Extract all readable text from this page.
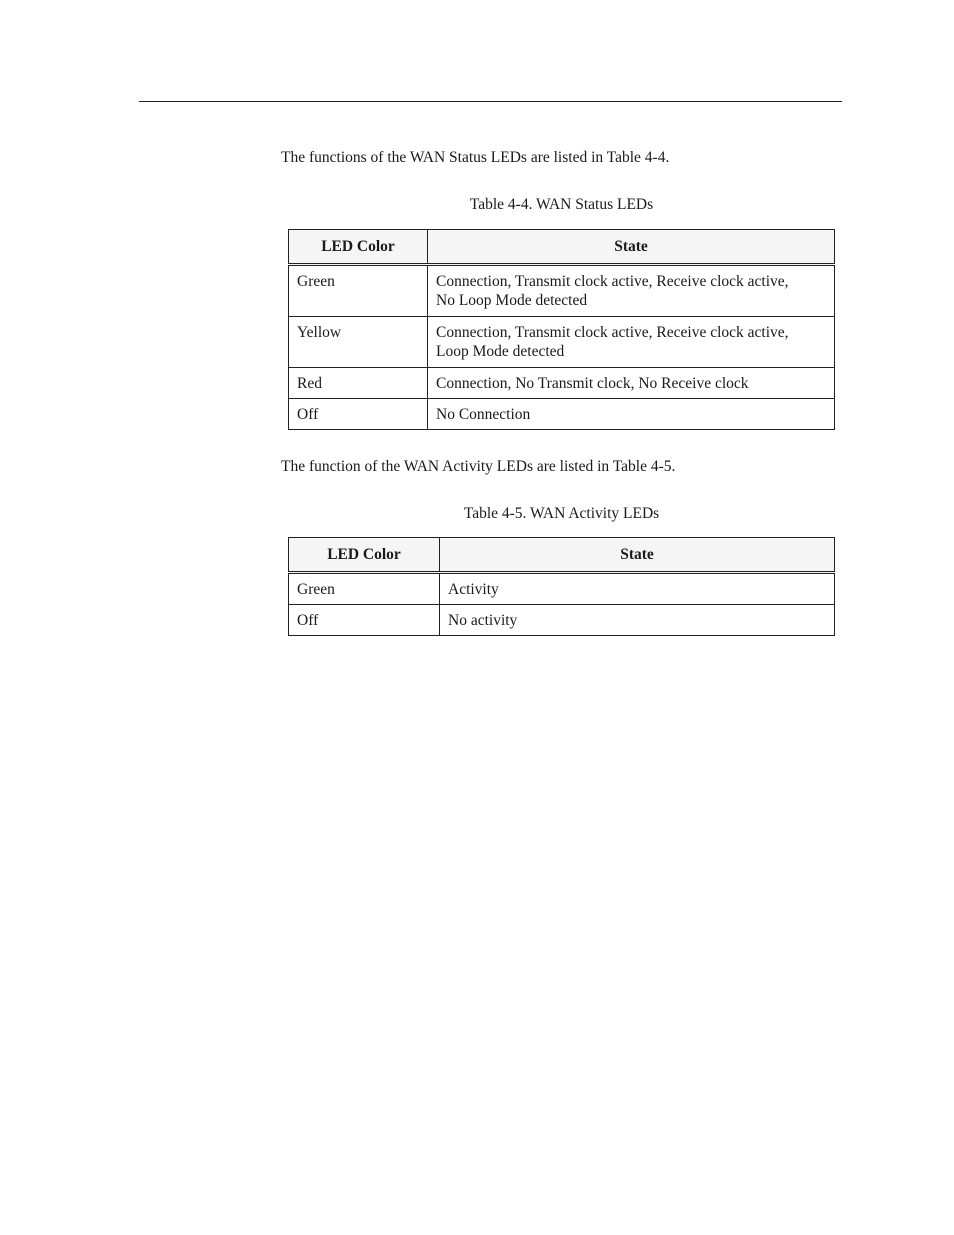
The functions of the WAN Status LEDs are listed in Table 4-4.
Table 4-4. WAN Status LEDs
LED Color	State
Green	Connection, Transmit clock active, Receive clock active,
No Loop Mode detected
Yellow	Connection, Transmit clock active, Receive clock active,
Loop Mode detected
Red	Connection, No Transmit clock, No Receive clock
Off	No Connection
The function of the WAN Activity LEDs are listed in Table 4-5.
Table 4-5. WAN Activity LEDs
LED Color	State
Green	Activity
Off	No activity
